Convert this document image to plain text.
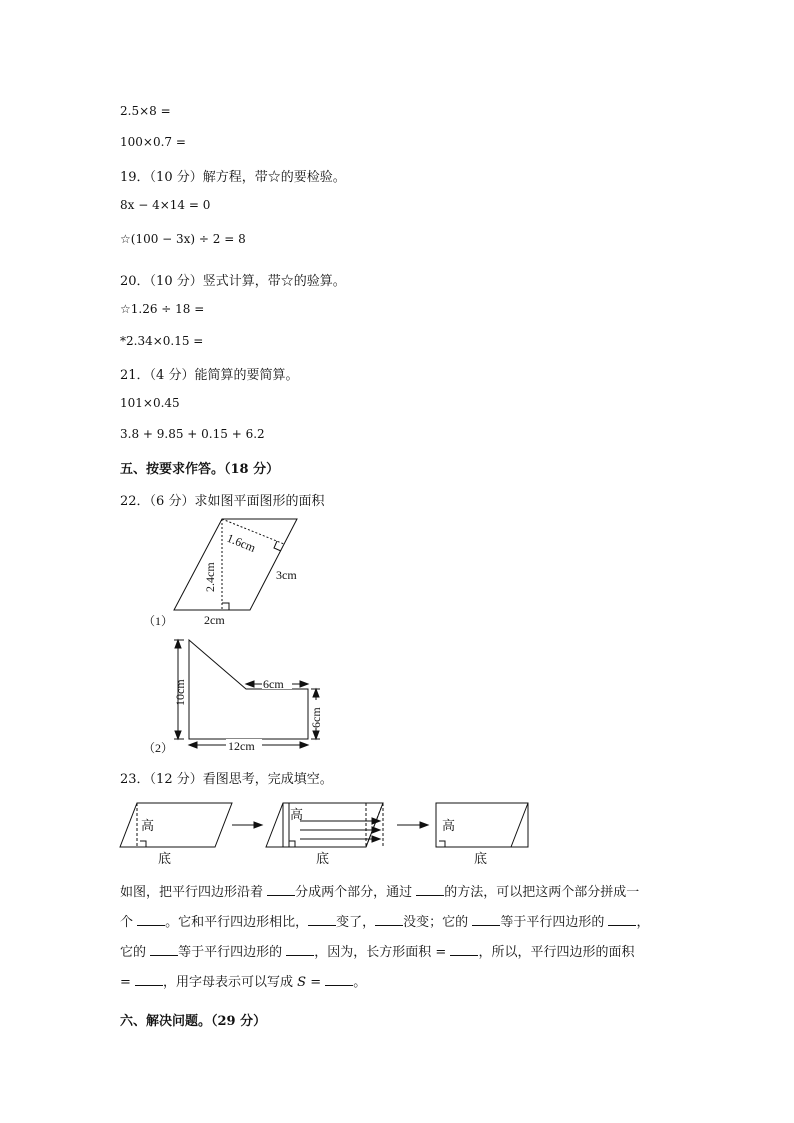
2.5×8 =
100×0.7 =
19．（10 分）解方程，带☆的要检验。
8x − 4×14 = 0
☆(100 − 3x) ÷ 2 = 8
20．（10 分）竖式计算，带☆的验算。
☆1.26 ÷ 18 =
*2.34×0.15 =
21．（4 分）能简算的要简算。
101×0.45
3.8 + 9.85 + 0.15 + 6.2
五、按要求作答。（18 分）
22．（6 分）求如图平面图形的面积
（1）
1.6cm
2.4cm	3cm
2cm
（2）
10cm	6cm
6cm
12cm
高
底
高
底
高
底
23．（12 分）看图思考，完成填空。
如图，把平行四边形沿着 分成两个部分，通过 的方法，可以把这两个部分拼成一
个 。它和平行四边形相比， 变了， 没变；它的 等于平行四边形的 ，
它的 等于平行四边形的 ，因为，长方形面积 = ，所以，平行四边形的面积
= ，用字母表示可以写成 S = 。
六、解决问题。（29 分）
